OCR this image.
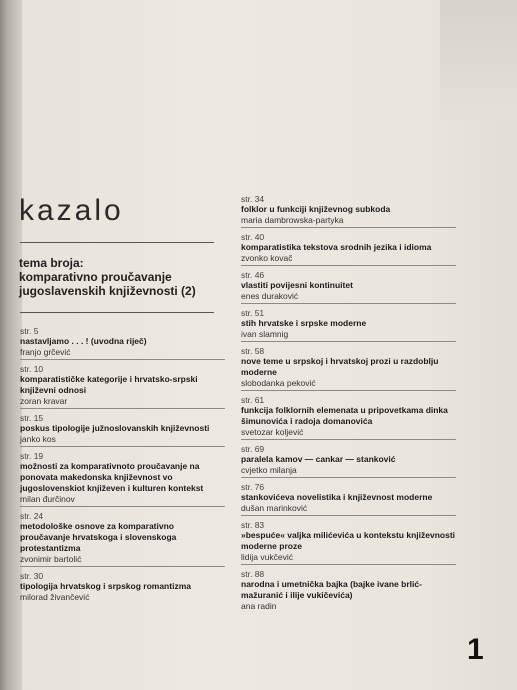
kazalo
tema broja:
komparativno proučavanje jugoslavenskih književnosti (2)
str. 5
nastavljamo . . . ! (uvodna riječ)
franjo grčević
str. 10
komparatističke kategorije i hrvatsko-srpski književni odnosi
zoran kravar
str. 15
poskus tipologije južnoslovanskih književnosti
janko kos
str. 19
možnosti za komparativnoto proučavanje na ponovata makedonska književnost vo jugoslovenskiot književen i kulturen kontekst
milan đurčinov
str. 24
metodološke osnove za komparativno proučavanje hrvatskoga i slovenskoga protestantizma
zvonimir bartolić
str. 30
tipologija hrvatskog i srpskog romantizma
milorad živančević
str. 34
folklor u funkciji književnog subkoda
maria dambrowska-partyka
str. 40
komparatistika tekstova srodnih jezika i idioma
zvonko kovač
str. 46
vlastiti povijesni kontinuitet
enes duraković
str. 51
stih hrvatske i srpske moderne
ivan slamnig
str. 58
nove teme u srpskoj i hrvatskoj prozi u razdoblju moderne
slobodanka peković
str. 61
funkcija folklornih elemenata u pripovetkama dinka šimunovića i radoja domanovića
svetozar koljević
str. 69
paralela kamov — cankar — stanković
cvjetko milanja
str. 76
stankovićeva novelistika i književnost moderne
dušan marinković
str. 83
»bespuće« valjka milićevića u kontekstu književnosti moderne proze
lidija vukčević
str. 88
narodna i umetnička bajka (bajke ivane brlić-mažuranić i ilije vukičevića)
ana radin
1
